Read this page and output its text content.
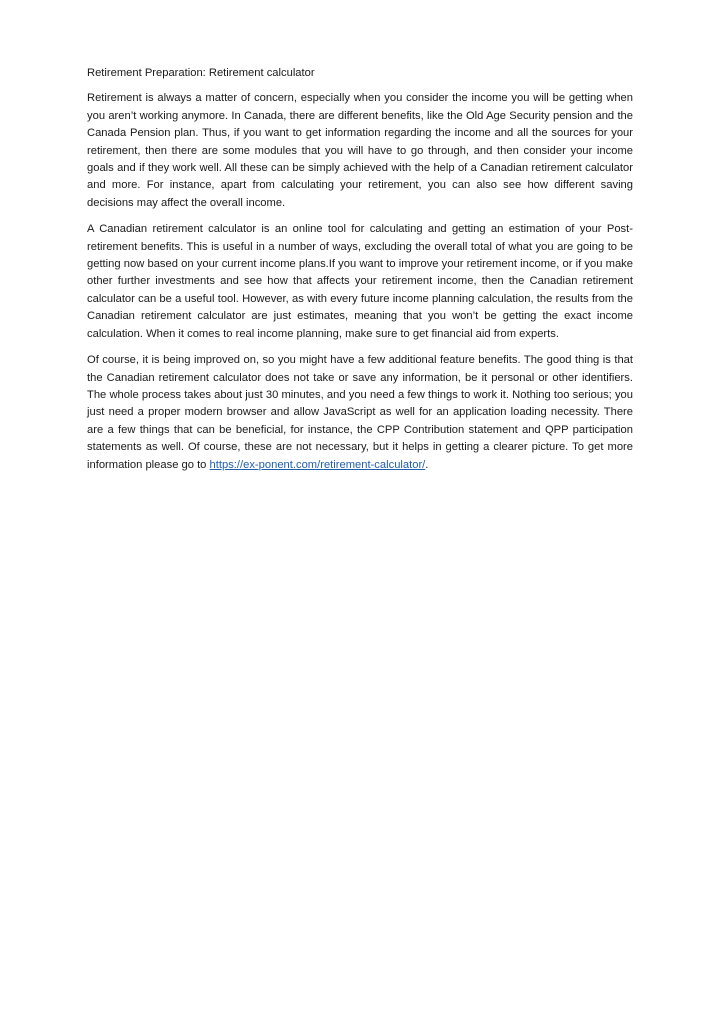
Retirement Preparation: Retirement calculator

Retirement is always a matter of concern, especially when you consider the income you will be getting when you aren’t working anymore. In Canada, there are different benefits, like the Old Age Security pension and the Canada Pension plan. Thus, if you want to get information regarding the income and all the sources for your retirement, then there are some modules that you will have to go through, and then consider your income goals and if they work well. All these can be simply achieved with the help of a Canadian retirement calculator and more. For instance, apart from calculating your retirement, you can also see how different saving decisions may affect the overall income.

A Canadian retirement calculator is an online tool for calculating and getting an estimation of your Post-retirement benefits. This is useful in a number of ways, excluding the overall total of what you are going to be getting now based on your current income plans.If you want to improve your retirement income, or if you make other further investments and see how that affects your retirement income, then the Canadian retirement calculator can be a useful tool. However, as with every future income planning calculation, the results from the Canadian retirement calculator are just estimates, meaning that you won’t be getting the exact income calculation. When it comes to real income planning, make sure to get financial aid from experts.

Of course, it is being improved on, so you might have a few additional feature benefits. The good thing is that the Canadian retirement calculator does not take or save any information, be it personal or other identifiers. The whole process takes about just 30 minutes, and you need a few things to work it. Nothing too serious; you just need a proper modern browser and allow JavaScript as well for an application loading necessity. There are a few things that can be beneficial, for instance, the CPP Contribution statement and QPP participation statements as well. Of course, these are not necessary, but it helps in getting a clearer picture. To get more information please go to https://ex-ponent.com/retirement-calculator/.
